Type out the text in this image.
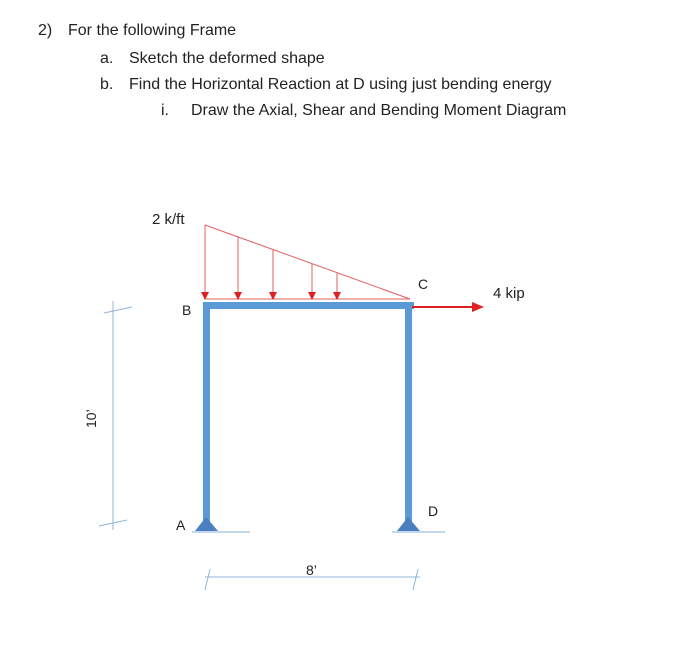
2) For the following Frame

a. Sketch the deformed shape

b. Find the Horizontal Reaction at D using just bending energy

i. Draw the Axial, Shear and Bending Moment Diagram

2 k/ft
4 kip
B
C
A
D
8’
10’
